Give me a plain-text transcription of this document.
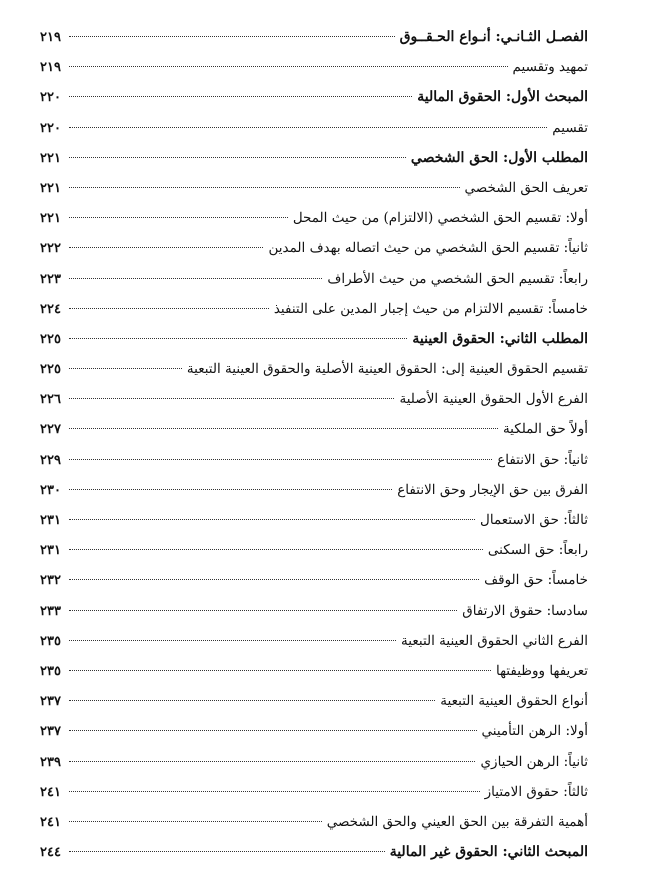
الفصـل الثـانـي: أنـواع الحـقــوق
٢١٩
تمهيد وتقسيم
٢١٩
المبحث الأول: الحقوق المالية
٢٢٠
تقسيم
٢٢٠
المطلب الأول: الحق الشخصي
٢٢١
تعريف الحق الشخصي
٢٢١
أولا: تقسيم الحق الشخصي (الالتزام) من حيث المحل
٢٢١
ثانياً: تقسيم الحق الشخصي من حيث اتصاله بهدف المدين
٢٢٢
رابعاً: تقسيم الحق الشخصي من حيث الأطراف
٢٢٣
خامساً: تقسيم الالتزام من حيث إجبار المدين على التنفيذ
٢٢٤
المطلب الثاني: الحقوق العينية
٢٢٥
تقسيم الحقوق العينية إلى: الحقوق العينية الأصلية والحقوق العينية التبعية
٢٢٥
الفرع الأول الحقوق العينية الأصلية
٢٢٦
أولاً حق الملكية
٢٢٧
ثانياً: حق الانتفاع
٢٢٩
الفرق بين حق الإيجار وحق الانتفاع
٢٣٠
ثالثاً: حق الاستعمال
٢٣١
رابعاً: حق السكنى
٢٣١
خامساً: حق الوقف
٢٣٢
سادسا: حقوق الارتفاق
٢٣٣
الفرع الثاني الحقوق العينية التبعية
٢٣٥
تعريفها ووظيفتها
٢٣٥
أنواع الحقوق العينية التبعية
٢٣٧
أولا: الرهن التأميني
٢٣٧
ثانياً: الرهن الحيازي
٢٣٩
ثالثاً: حقوق الامتياز
٢٤١
أهمية التفرقة بين الحق العيني والحق الشخصي
٢٤١
المبحث الثاني: الحقوق غير المالية
٢٤٤
